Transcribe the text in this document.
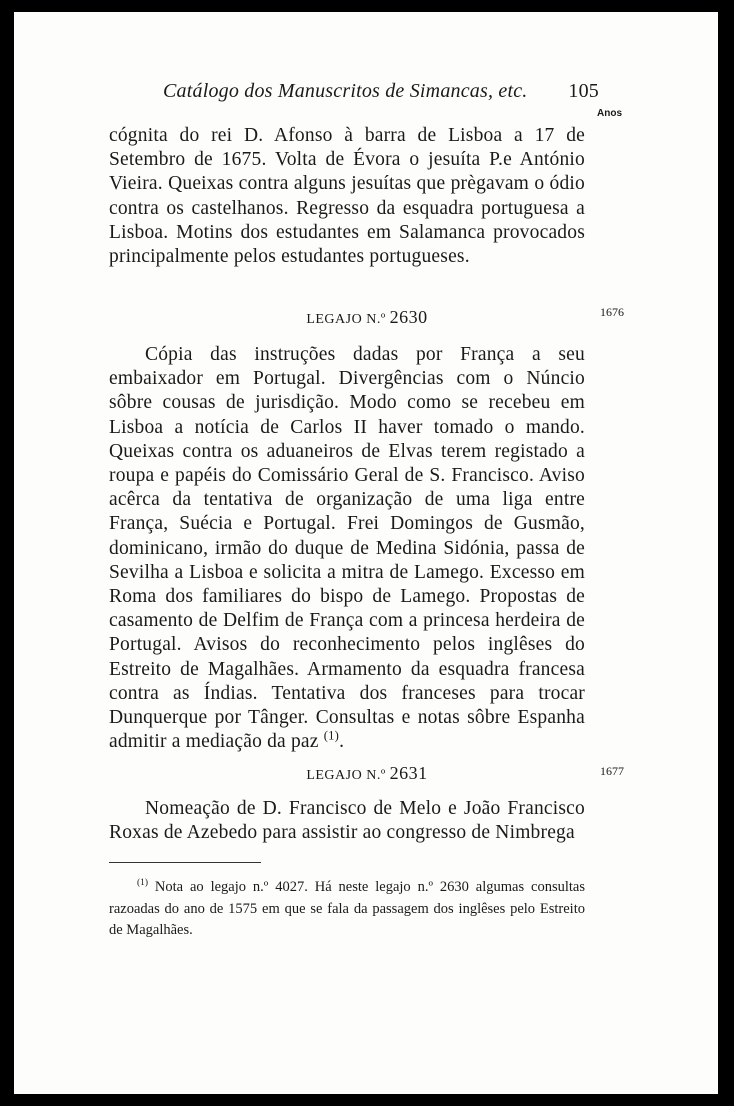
Catálogo dos Manuscritos de Simancas, etc. 105
Anos
1676
1677

cógnita do rei D. Afonso à barra de Lisboa a 17 de Setembro de 1675. Volta de Évora o jesuíta P.e António Vieira. Queixas contra alguns jesuítas que prègavam o ódio contra os castelhanos. Regresso da esquadra portuguesa a Lisboa. Motins dos estudantes em Salamanca provocados principalmente pelos estudantes portugueses.

LEGAJO N.º 2630

Cópia das instruções dadas por França a seu embaixador em Portugal. Divergências com o Núncio sôbre cousas de jurisdição. Modo como se recebeu em Lisboa a notícia de Carlos II haver tomado o mando. Queixas contra os aduaneiros de Elvas terem registado a roupa e papéis do Comissário Geral de S. Francisco. Aviso acêrca da tentativa de organização de uma liga entre França, Suécia e Portugal. Frei Domingos de Gusmão, dominicano, irmão do duque de Medina Sidónia, passa de Sevilha a Lisboa e solicita a mitra de Lamego. Excesso em Roma dos familiares do bispo de Lamego. Propostas de casamento de Delfim de França com a princesa herdeira de Portugal. Avisos do reconhecimento pelos inglêses do Estreito de Magalhães. Armamento da esquadra francesa contra as Índias. Tentativa dos franceses para trocar Dunquerque por Tânger. Consultas e notas sôbre Espanha admitir a mediação da paz $^{(1)}$.

LEGAJO N.º 2631

Nomeação de D. Francisco de Melo e João Francisco Roxas de Azebedo para assistir ao congresso de Nimbrega

$^{(1)}$ Nota ao legajo n.º 4027. Há neste legajo n.º 2630 algumas consultas razoadas do ano de 1575 em que se fala da passagem dos inglêses pelo Estreito de Magalhães.
